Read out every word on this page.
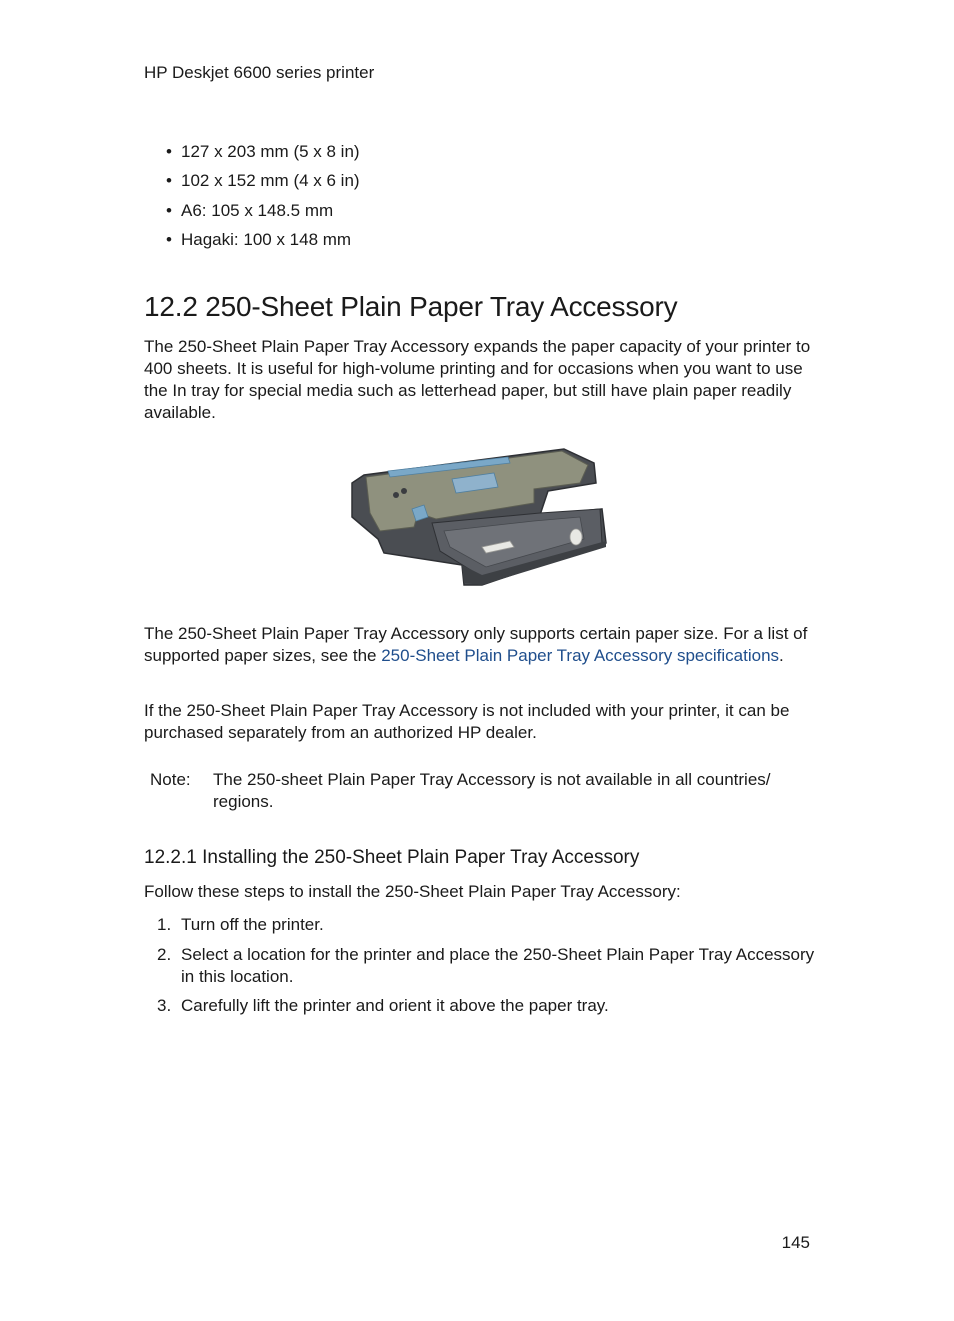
HP Deskjet 6600 series printer
• 127 x 203 mm (5 x 8 in)
• 102 x 152 mm (4 x 6 in)
• A6: 105 x 148.5 mm
• Hagaki: 100 x 148 mm
12.2 250-Sheet Plain Paper Tray Accessory

The 250-Sheet Plain Paper Tray Accessory expands the paper capacity of your printer to 400 sheets. It is useful for high-volume printing and for occasions when you want to use the In tray for special media such as letterhead paper, but still have plain paper readily available.

The 250-Sheet Plain Paper Tray Accessory only supports certain paper size. For a list of supported paper sizes, see the 250-Sheet Plain Paper Tray Accessory specifications.

If the 250-Sheet Plain Paper Tray Accessory is not included with your printer, it can be purchased separately from an authorized HP dealer.

Note: The 250-sheet Plain Paper Tray Accessory is not available in all countries/ regions.
12.2.1 Installing the 250-Sheet Plain Paper Tray Accessory

Follow these steps to install the 250-Sheet Plain Paper Tray Accessory:

1. Turn off the printer.
2. Select a location for the printer and place the 250-Sheet Plain Paper Tray Accessory in this location.
3. Carefully lift the printer and orient it above the paper tray.
145
